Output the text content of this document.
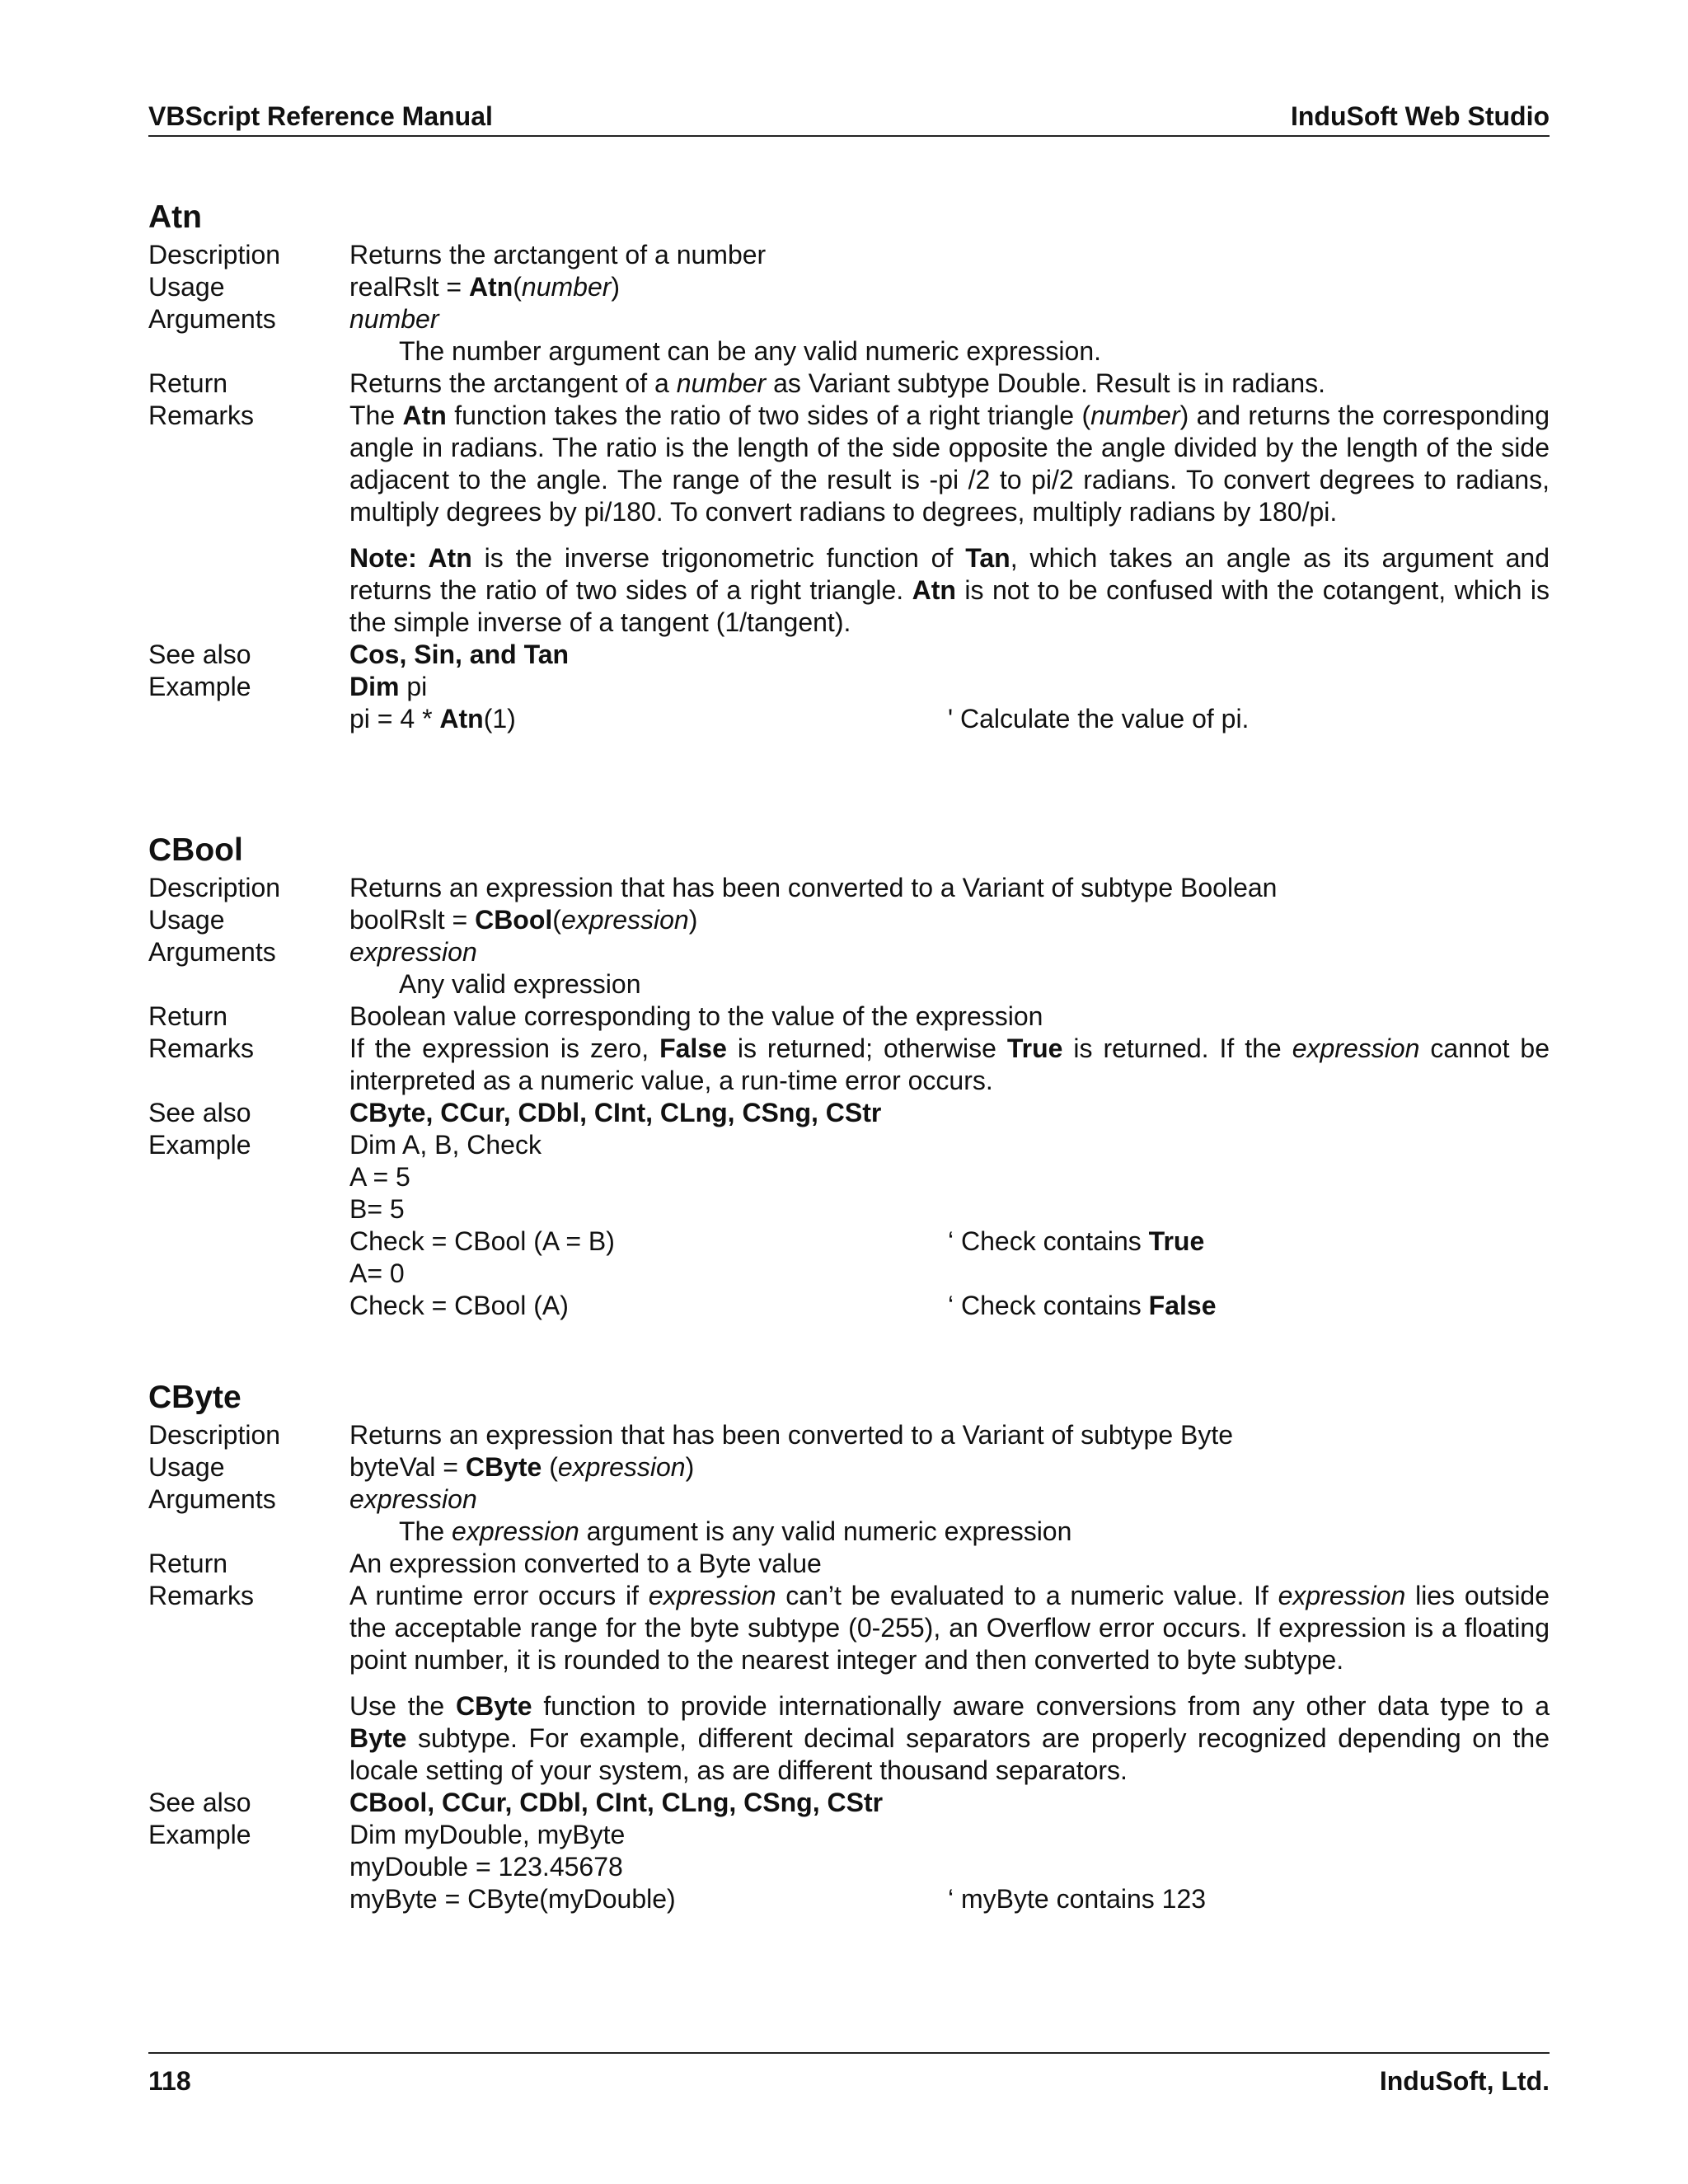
VBScript Reference Manual	InduSoft Web Studio
Atn
Description	Returns the arctangent of a number
Usage	realRslt = Atn(number)
Arguments	number
The number argument can be any valid numeric expression.
Return	Returns the arctangent of a number as Variant subtype Double. Result is in radians.
Remarks	The Atn function takes the ratio of two sides of a right triangle (number) and returns the corresponding angle in radians. The ratio is the length of the side opposite the angle divided by the length of the side adjacent to the angle. The range of the result is -pi /2 to pi/2 radians. To convert degrees to radians, multiply degrees by pi/180. To convert radians to degrees, multiply radians by 180/pi.
Note: Atn is the inverse trigonometric function of Tan, which takes an angle as its argument and returns the ratio of two sides of a right triangle. Atn is not to be confused with the cotangent, which is the simple inverse of a tangent (1/tangent).
See also	Cos, Sin, and Tan
Example	Dim pi
pi = 4 * Atn(1)	' Calculate the value of pi.
CBool
Description	Returns an expression that has been converted to a Variant of subtype Boolean
Usage	boolRslt = CBool(expression)
Arguments	expression
Any valid expression
Return	Boolean value corresponding to the value of the expression
Remarks	If the expression is zero, False is returned; otherwise True is returned. If the expression cannot be interpreted as a numeric value, a run-time error occurs.
See also	CByte, CCur, CDbl, CInt, CLng, CSng, CStr
Example	Dim A, B, Check
A = 5
B= 5
Check = CBool (A = B)	‘ Check contains True
A= 0
Check = CBool (A)	‘ Check contains False
CByte
Description	Returns an expression that has been converted to a Variant of subtype Byte
Usage	byteVal = CByte (expression)
Arguments	expression
The expression argument is any valid numeric expression
Return	An expression converted to a Byte value
Remarks	A runtime error occurs if expression can’t be evaluated to a numeric value. If expression lies outside the acceptable range for the byte subtype (0-255), an Overflow error occurs. If expression is a floating point number, it is rounded to the nearest integer and then converted to byte subtype.
Use the CByte function to provide internationally aware conversions from any other data type to a Byte subtype. For example, different decimal separators are properly recognized depending on the locale setting of your system, as are different thousand separators.
See also	CBool, CCur, CDbl, CInt, CLng, CSng, CStr
Example	Dim myDouble, myByte
myDouble = 123.45678
myByte = CByte(myDouble)	‘ myByte contains 123
118	InduSoft, Ltd.
